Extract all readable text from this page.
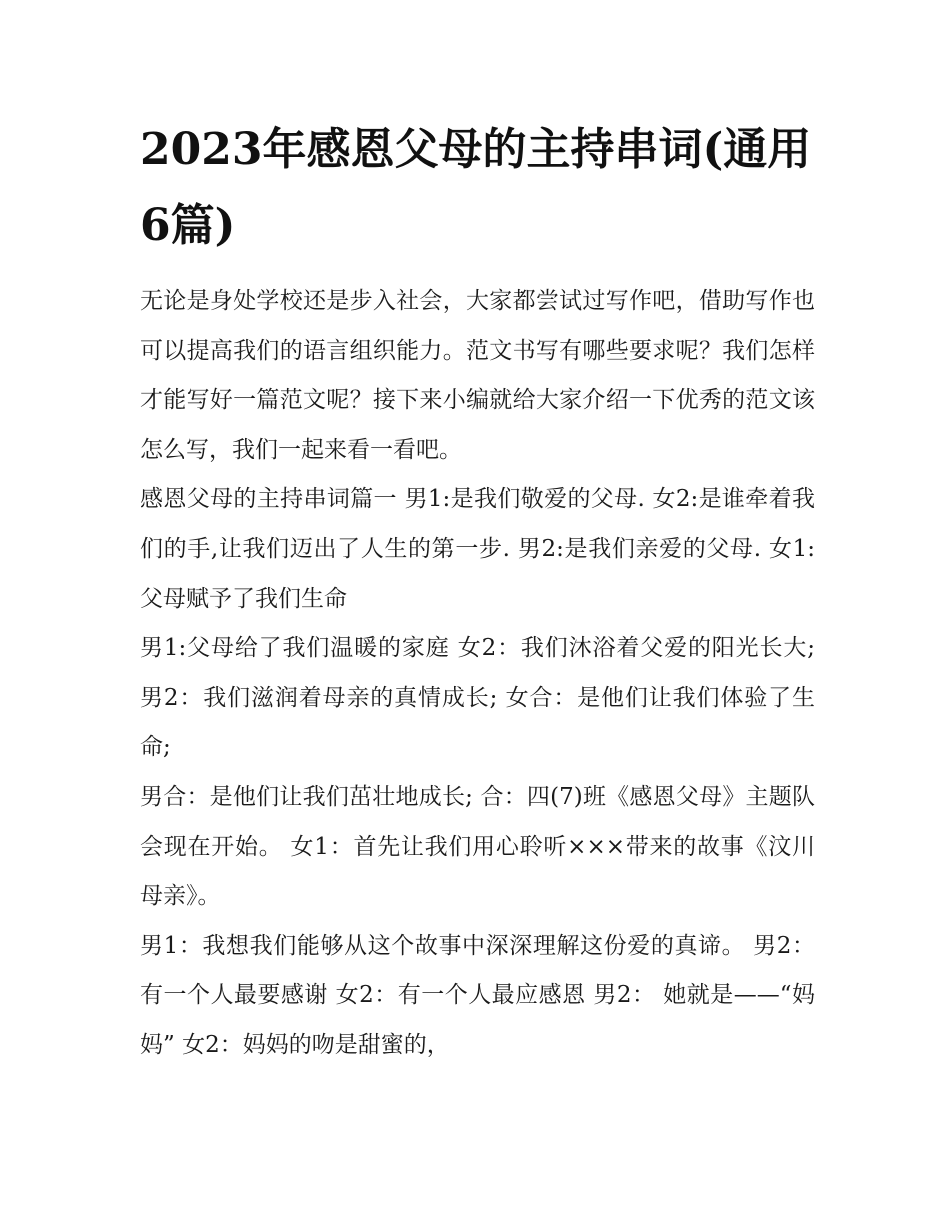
2023年感恩父母的主持串词(通用6篇)

无论是身处学校还是步入社会，大家都尝试过写作吧，借助写作也可以提高我们的语言组织能力。范文书写有哪些要求呢？我们怎样才能写好一篇范文呢？接下来小编就给大家介绍一下优秀的范文该怎么写，我们一起来看一看吧。

感恩父母的主持串词篇一 男1:是我们敬爱的父母. 女2:是谁牵着我们的手,让我们迈出了人生的第一步. 男2:是我们亲爱的父母. 女1: 父母赋予了我们生命

男1:父母给了我们温暖的家庭 女2：我们沐浴着父爱的阳光长大; 男2：我们滋润着母亲的真情成长; 女合：是他们让我们体验了生命;

男合：是他们让我们茁壮地成长; 合：四(7)班《感恩父母》主题队会现在开始。 女1：首先让我们用心聆听×××带来的故事《汶川母亲》。

男1：我想我们能够从这个故事中深深理解这份爱的真谛。 男2： 有一个人最要感谢 女2：有一个人最应感恩 男2： 她就是——“妈妈” 女2：妈妈的吻是甜蜜的，
